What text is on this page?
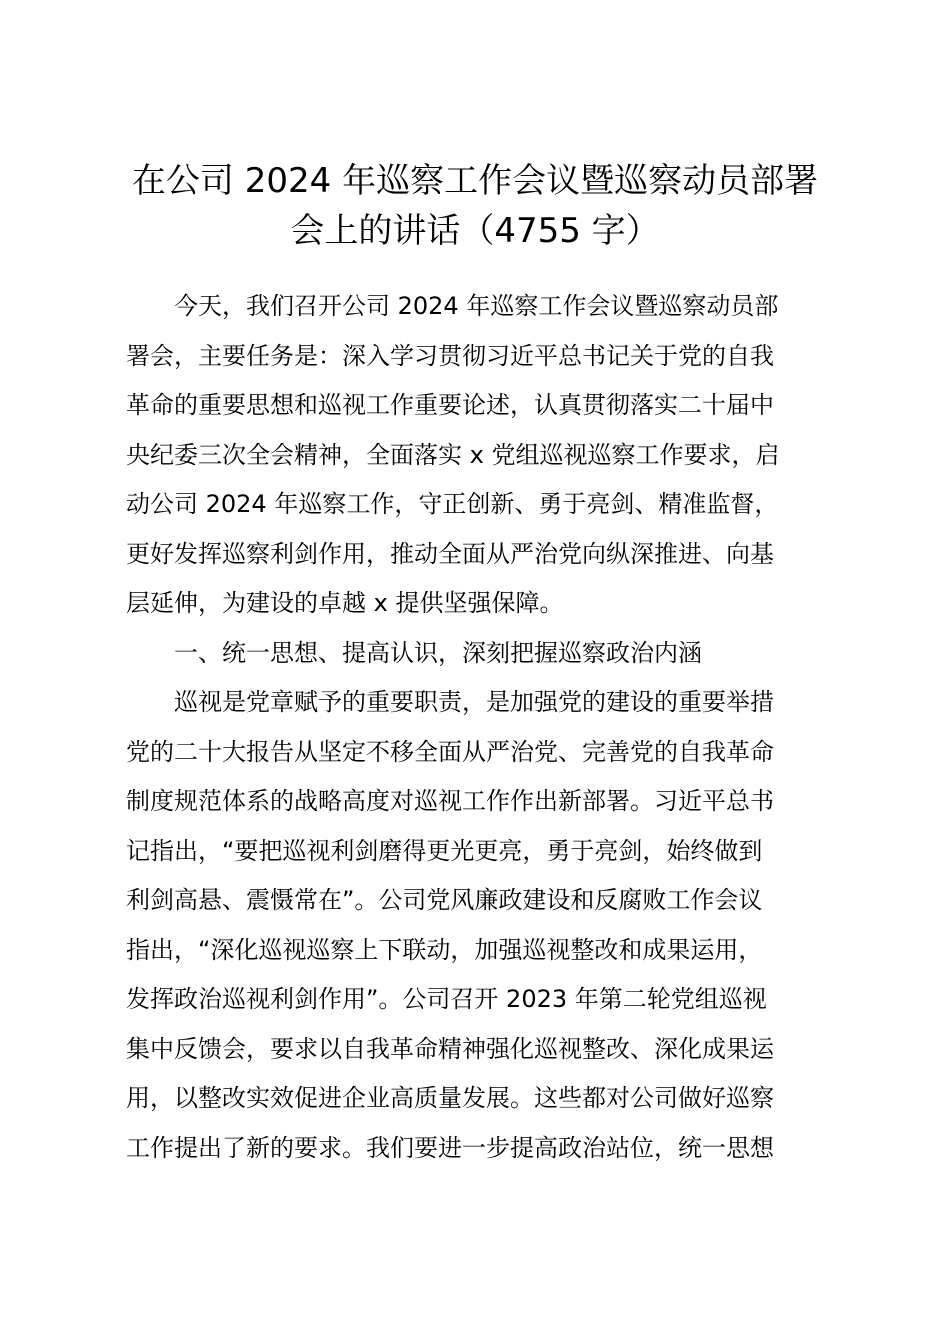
在公司 2024 年巡察工作会议暨巡察动员部署
会上的讲话（4755 字）

　　今天，我们召开公司 2024 年巡察工作会议暨巡察动员部
署会，主要任务是：深入学习贯彻习近平总书记关于党的自我
革命的重要思想和巡视工作重要论述，认真贯彻落实二十届中
央纪委三次全会精神，全面落实 x 党组巡视巡察工作要求，启
动公司 2024 年巡察工作，守正创新、勇于亮剑、精准监督，
更好发挥巡察利剑作用，推动全面从严治党向纵深推进、向基
层延伸，为建设的卓越 x 提供坚强保障。

　　一、统一思想、提高认识，深刻把握巡察政治内涵

　　巡视是党章赋予的重要职责，是加强党的建设的重要举措
党的二十大报告从坚定不移全面从严治党、完善党的自我革命
制度规范体系的战略高度对巡视工作作出新部署。习近平总书
记指出，“要把巡视利剑磨得更光更亮，勇于亮剑，始终做到
利剑高悬、震慑常在”。公司党风廉政建设和反腐败工作会议
指出，“深化巡视巡察上下联动，加强巡视整改和成果运用，
发挥政治巡视利剑作用”。公司召开 2023 年第二轮党组巡视
集中反馈会，要求以自我革命精神强化巡视整改、深化成果运
用，以整改实效促进企业高质量发展。这些都对公司做好巡察
工作提出了新的要求。我们要进一步提高政治站位，统一思想
